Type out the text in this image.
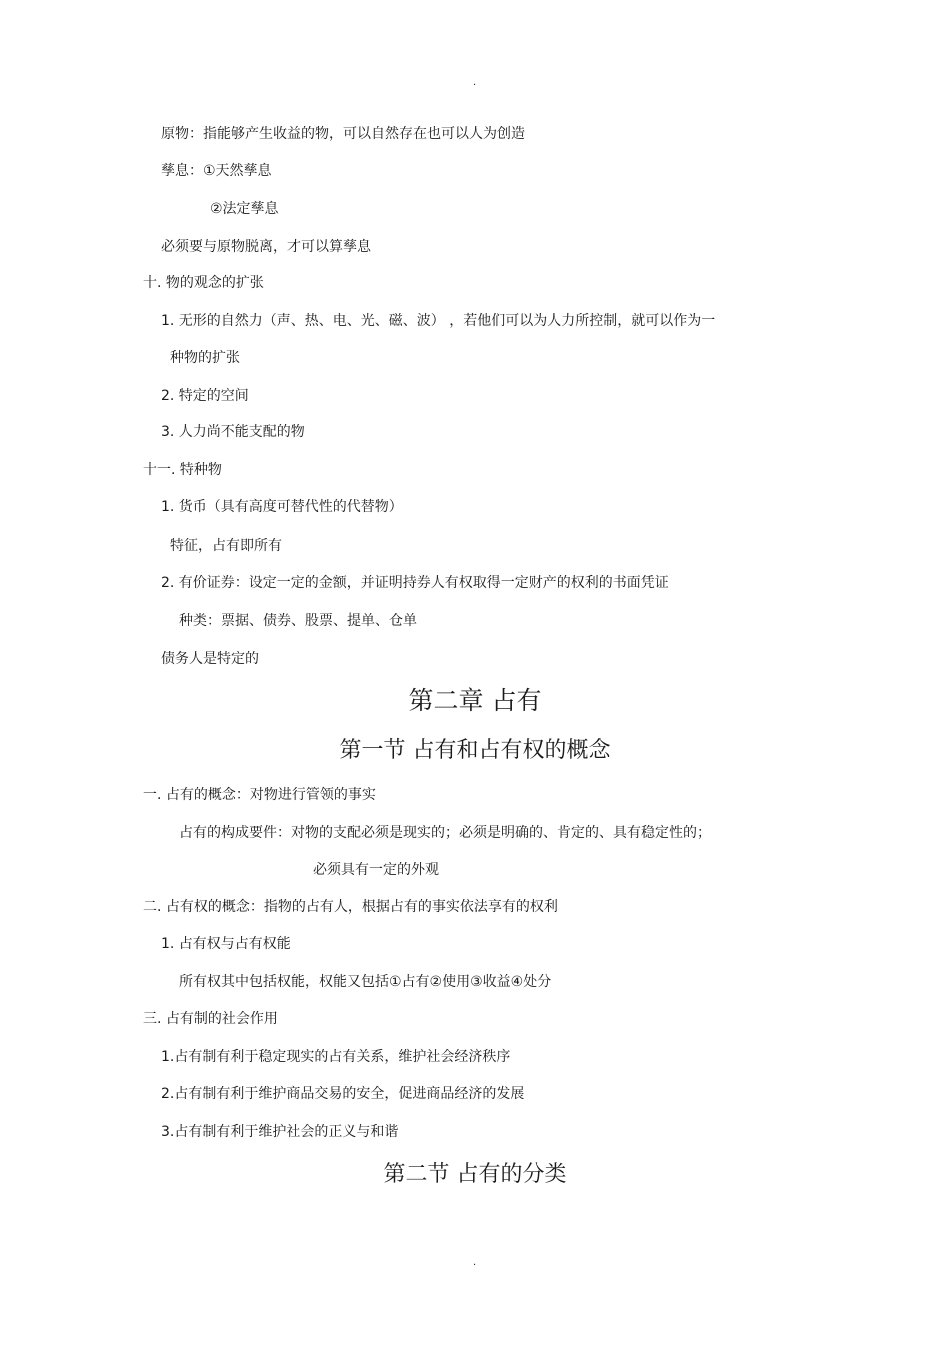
.
原物：指能够产生收益的物，可以自然存在也可以人为创造
孳息：①天然孳息
②法定孳息
必须要与原物脱离，才可以算孳息
十. 物的观念的扩张
1. 无形的自然力（声、热、电、光、磁、波） ，若他们可以为人力所控制，就可以作为一
种物的扩张
2. 特定的空间
3. 人力尚不能支配的物
十一. 特种物
1. 货币（具有高度可替代性的代替物）
特征，占有即所有
2. 有价证券：设定一定的金额，并证明持券人有权取得一定财产的权利的书面凭证
种类：票据、债券、股票、提单、仓单
债务人是特定的
第二章 占有
第一节 占有和占有权的概念
一. 占有的概念：对物进行管领的事实
占有的构成要件：对物的支配必须是现实的；必须是明确的、肯定的、具有稳定性的；
必须具有一定的外观
二. 占有权的概念：指物的占有人，根据占有的事实依法享有的权利
1. 占有权与占有权能
所有权其中包括权能，权能又包括①占有②使用③收益④处分
三. 占有制的社会作用
1.占有制有利于稳定现实的占有关系，维护社会经济秩序
2.占有制有利于维护商品交易的安全，促进商品经济的发展
3.占有制有利于维护社会的正义与和谐
第二节 占有的分类
.
